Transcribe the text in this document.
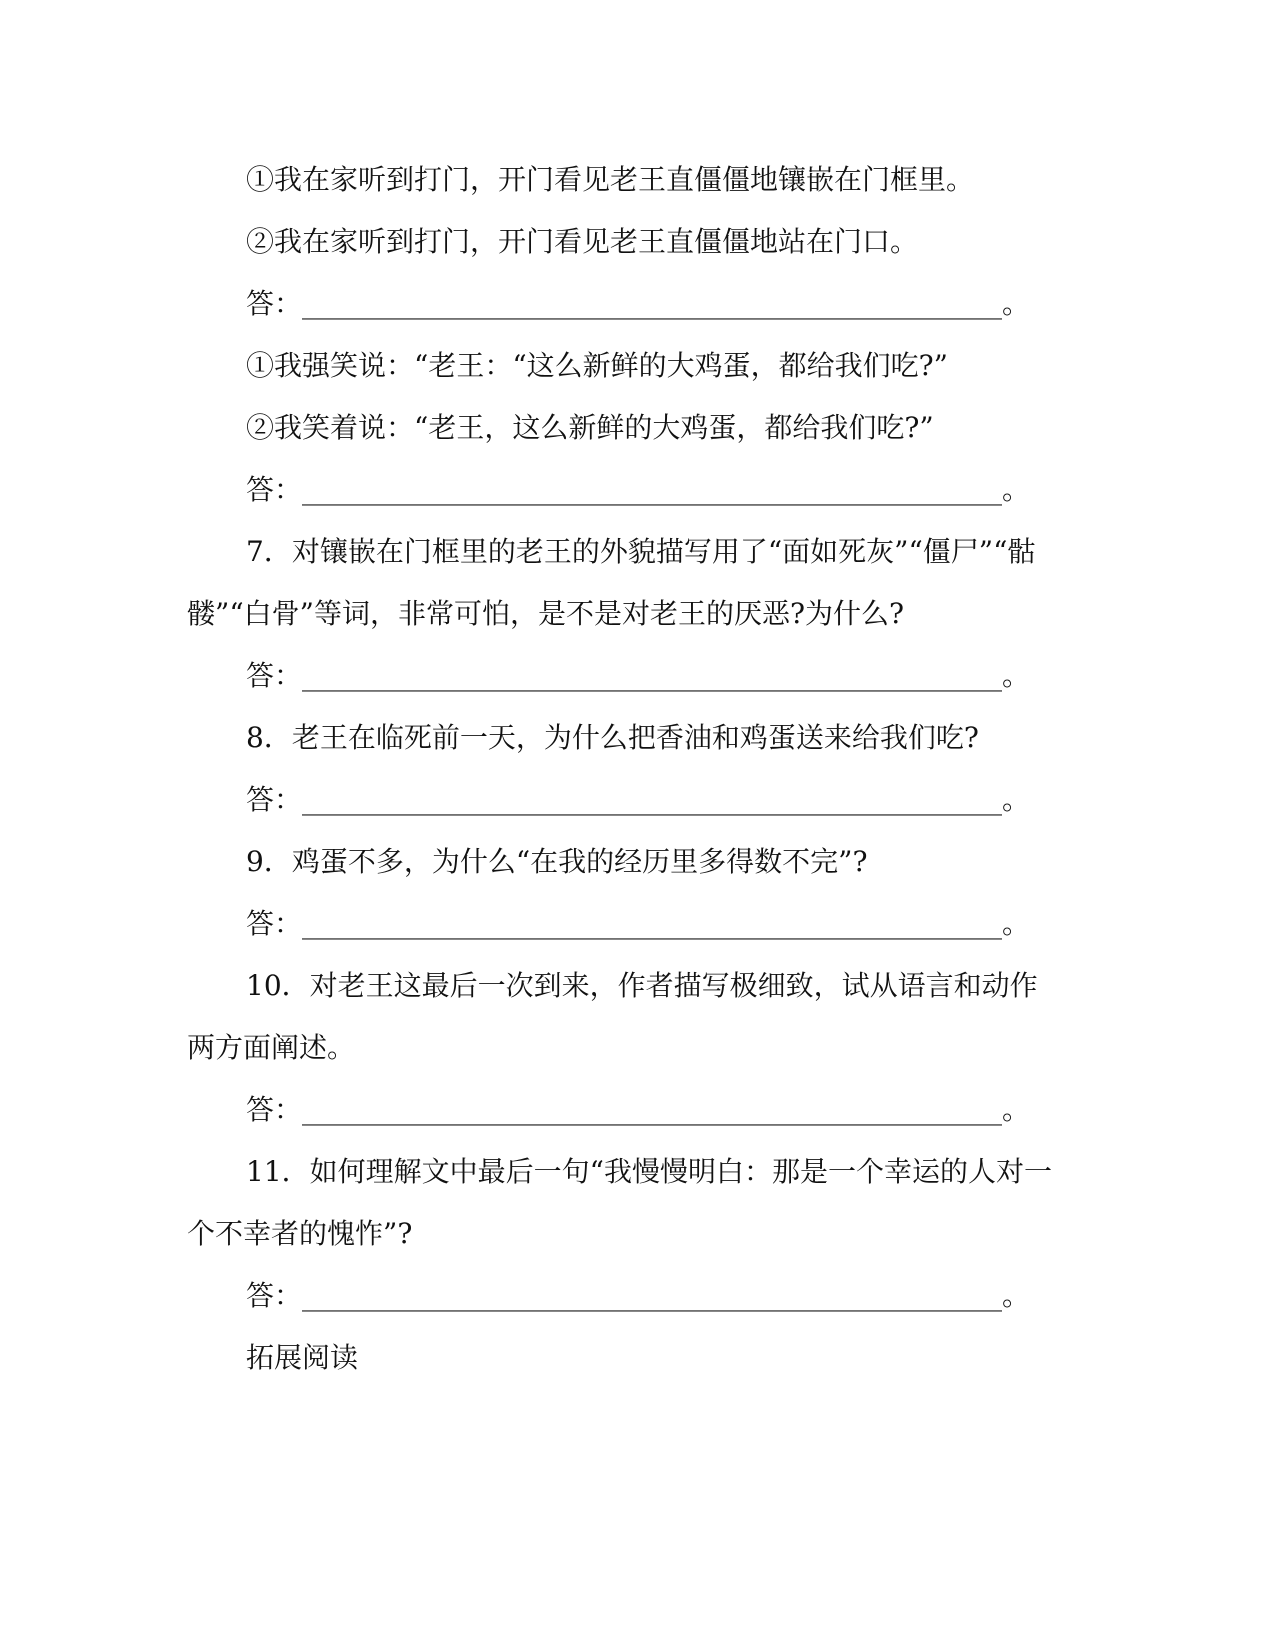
①我在家听到打门，开门看见老王直僵僵地镶嵌在门框里。
②我在家听到打门，开门看见老王直僵僵地站在门口。
答：__________________________________________________。
①我强笑说：“老王：“这么新鲜的大鸡蛋，都给我们吃?”
②我笑着说：“老王，这么新鲜的大鸡蛋，都给我们吃?”
答：__________________________________________________。
7．对镶嵌在门框里的老王的外貌描写用了“面如死灰”“僵尸”“骷
髅”“白骨”等词，非常可怕，是不是对老王的厌恶?为什么?
答：__________________________________________________。
8．老王在临死前一天，为什么把香油和鸡蛋送来给我们吃?
答：__________________________________________________。
9．鸡蛋不多，为什么“在我的经历里多得数不完”?
答：__________________________________________________。
10．对老王这最后一次到来，作者描写极细致，试从语言和动作
两方面阐述。
答：__________________________________________________。
11．如何理解文中最后一句“我慢慢明白：那是一个幸运的人对一
个不幸者的愧怍”?
答：__________________________________________________。
拓展阅读
